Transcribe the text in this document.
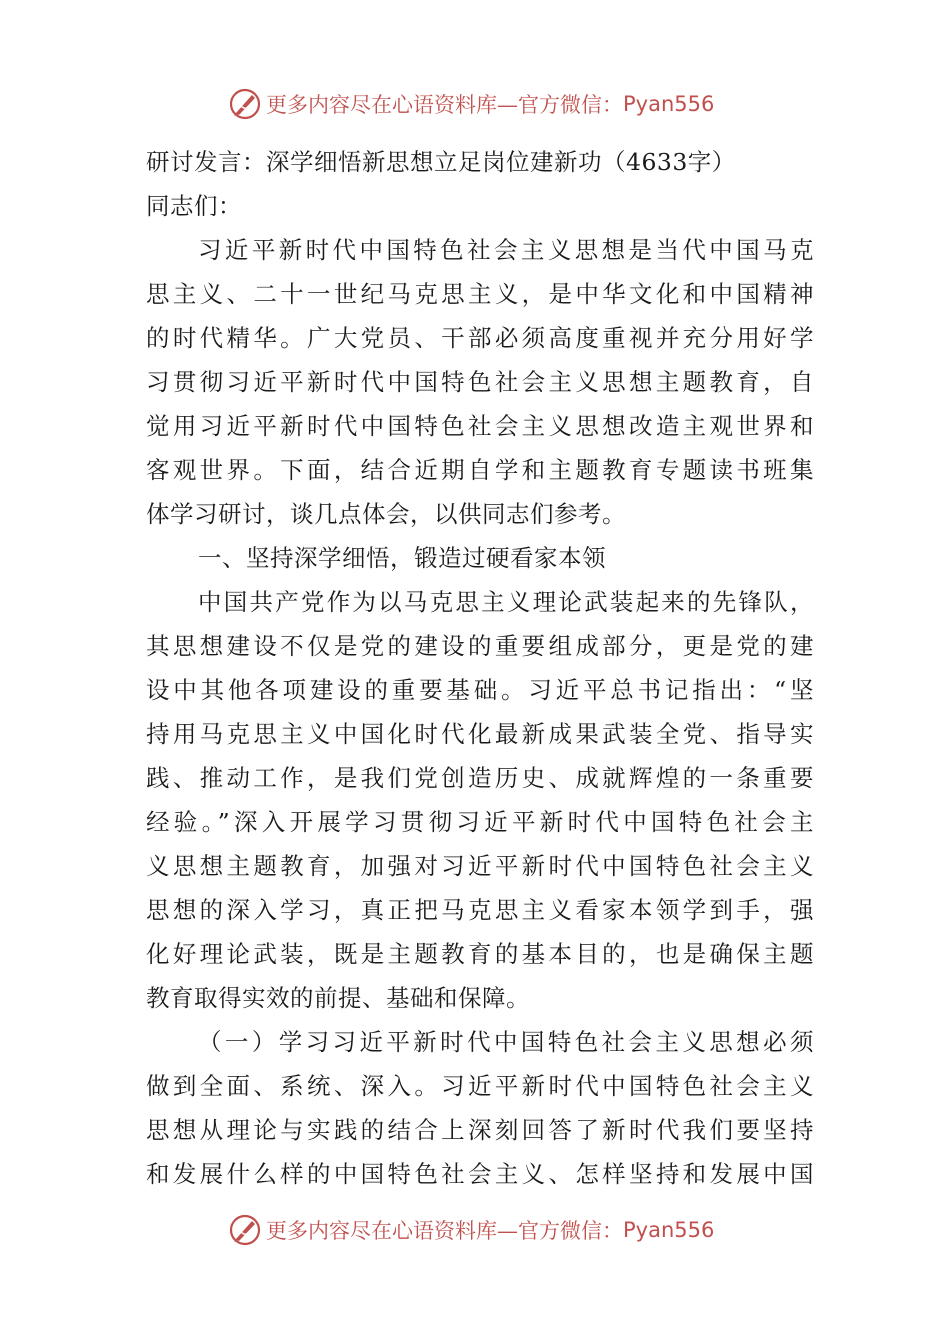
更多内容尽在心语资料库—官方微信： Pyan556
研讨发言：深学细悟新思想立足岗位建新功（4633字）
同志们：
习近平新时代中国特色社会主义思想是当代中国马克
思主义、二十一世纪马克思主义，是中华文化和中国精神
的时代精华。广大党员、干部必须高度重视并充分用好学
习贯彻习近平新时代中国特色社会主义思想主题教育，自
觉用习近平新时代中国特色社会主义思想改造主观世界和
客观世界。下面，结合近期自学和主题教育专题读书班集
体学习研讨，谈几点体会，以供同志们参考。
一、坚持深学细悟，锻造过硬看家本领
中国共产党作为以马克思主义理论武装起来的先锋队，
其思想建设不仅是党的建设的重要组成部分，更是党的建
设中其他各项建设的重要基础。习近平总书记指出：“坚
持用马克思主义中国化时代化最新成果武装全党、指导实
践、推动工作，是我们党创造历史、成就辉煌的一条重要
经验。”深入开展学习贯彻习近平新时代中国特色社会主
义思想主题教育，加强对习近平新时代中国特色社会主义
思想的深入学习，真正把马克思主义看家本领学到手，强
化好理论武装，既是主题教育的基本目的，也是确保主题
教育取得实效的前提、基础和保障。
（一）学习习近平新时代中国特色社会主义思想必须
做到全面、系统、深入。习近平新时代中国特色社会主义
思想从理论与实践的结合上深刻回答了新时代我们要坚持
和发展什么样的中国特色社会主义、怎样坚持和发展中国
更多内容尽在心语资料库—官方微信： Pyan556
